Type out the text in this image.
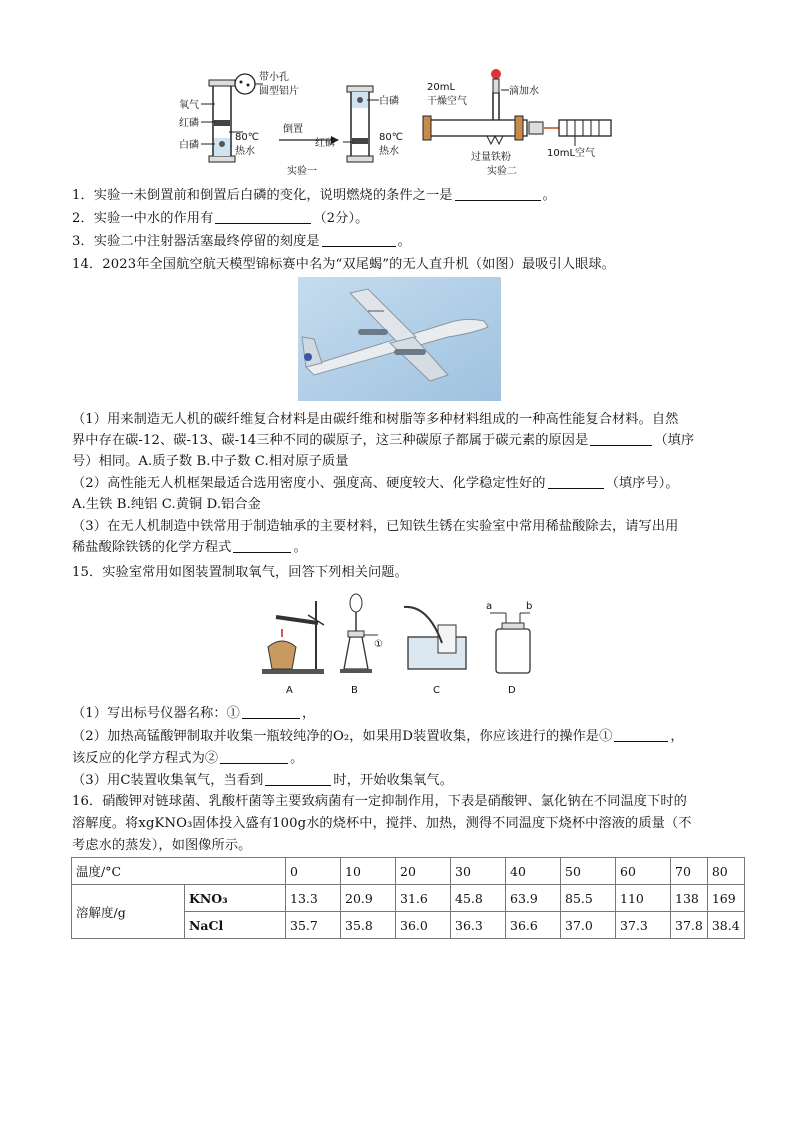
氧气
红磷
白磷
80℃
热水
带小孔
圆型铝片
倒置
白磷
红磷
80℃
热水
实验一
20mL
干燥空气
滴加水
过量铁粉	10mL空气
实验二
1．实验一未倒置前和倒置后白磷的变化，说明燃烧的条件之一是	。
2．实验一中水的作用有	（2分）。
3．实验二中注射器活塞最终停留的刻度是	。
14．2023年全国航空航天模型锦标赛中名为“双尾蝎”的无人直升机（如图）最吸引人眼球。
（1）用来制造无人机的碳纤维复合材料是由碳纤维和树脂等多种材料组成的一种高性能复合材料。自然
界中存在碳-12、碳-13、碳-14三种不同的碳原子，这三种碳原子都属于碳元素的原因是	（填序
号）相同。A.质子数 B.中子数 C.相对原子质量
（2）高性能无人机框架最适合选用密度小、强度高、硬度较大、化学稳定性好的	（填序号）。
A.生铁 B.纯铝 C.黄铜 D.铝合金
（3）在无人机制造中铁常用于制造轴承的主要材料，已知铁生锈在实验室中常用稀盐酸除去，请写出用
稀盐酸除铁锈的化学方程式	。
15．实验室常用如图装置制取氧气，回答下列相关问题。
A
①
B	C
a	b
D
（1）写出标号仪器名称：①	，
（2）加热高锰酸钾制取并收集一瓶较纯净的O₂，如果用D装置收集，你应该进行的操作是①	，
该反应的化学方程式为②	。
（3）用C装置收集氧气，当看到	时，开始收集氧气。
16．硝酸钾对链球菌、乳酸杆菌等主要致病菌有一定抑制作用，下表是硝酸钾、氯化钠在不同温度下时的
溶解度。将xgKNO₃固体投入盛有100g水的烧杯中，搅拌、加热，测得不同温度下烧杯中溶液的质量（不
考虑水的蒸发），如图像所示。
温度/°C		0	10	20	30	40	50	60	70	80
溶解度/g	KNO₃	13.3	20.9	31.6	45.8	63.9	85.5	110	138	169
	NaCl	35.7	35.8	36.0	36.3	36.6	37.0	37.3	37.8	38.4
